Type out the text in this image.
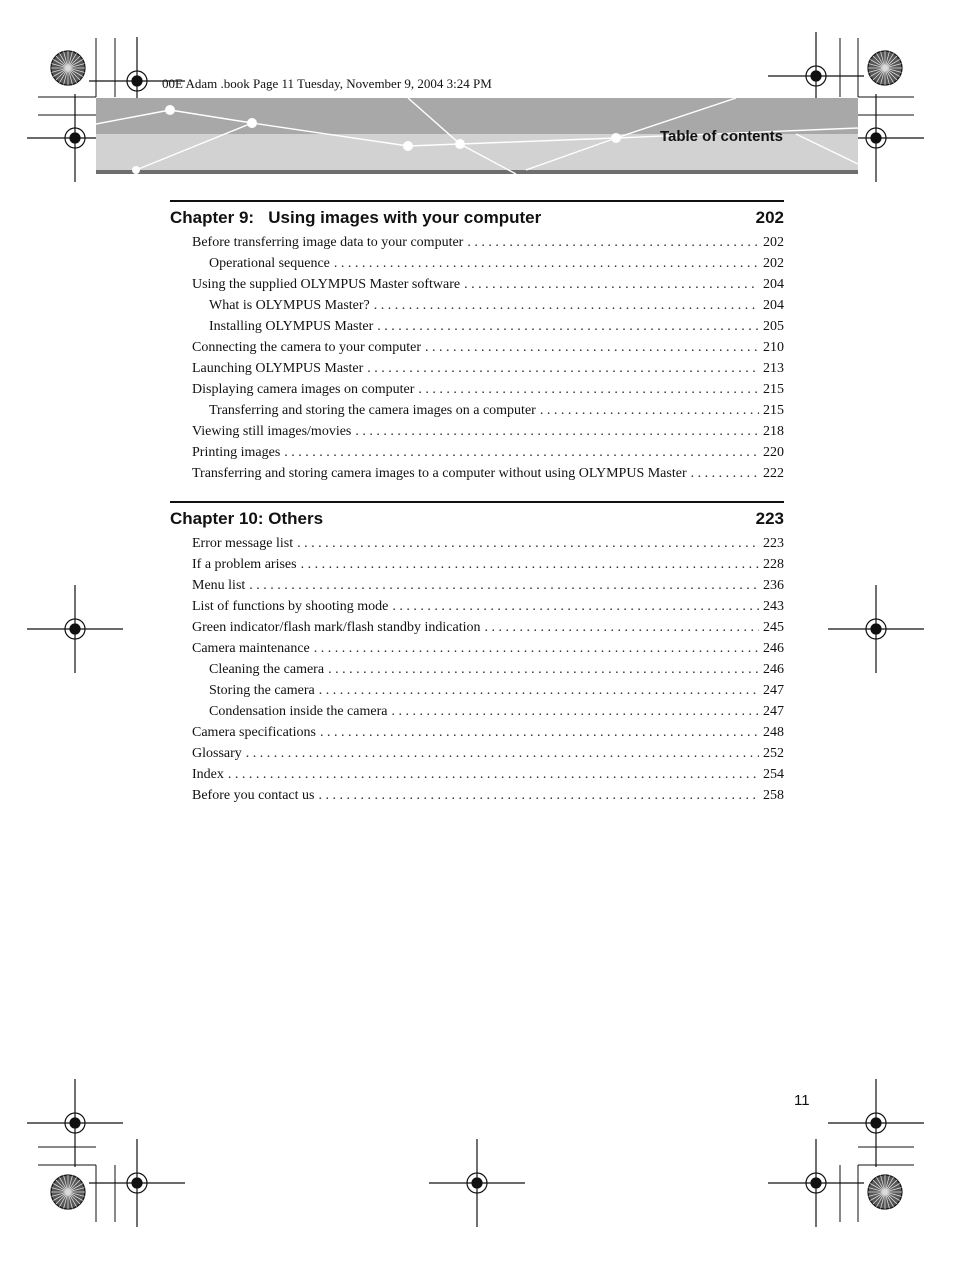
00E Adam .book Page 11 Tuesday, November 9, 2004 3:24 PM
Table of contents
Chapter 9:   Using images with your computer	202
Before transferring image data to your computer . . .	202
Operational sequence . . .	202
Using the supplied OLYMPUS Master software . . .	204
What is OLYMPUS Master? . . .	204
Installing OLYMPUS Master . . .	205
Connecting the camera to your computer . . .	210
Launching OLYMPUS Master . . .	213
Displaying camera images on computer . . .	215
Transferring and storing the camera images on a computer . . .	215
Viewing still images/movies . . .	218
Printing images . . .	220
Transferring and storing camera images to a computer without using OLYMPUS Master . . .	222
Chapter 10: Others	223
Error message list . . .	223
If a problem arises . . .	228
Menu list . . .	236
List of functions by shooting mode . . .	243
Green indicator/flash mark/flash standby indication . . .	245
Camera maintenance . . .	246
Cleaning the camera . . .	246
Storing the camera . . .	247
Condensation inside the camera . . .	247
Camera specifications . . .	248
Glossary . . .	252
Index . . .	254
Before you contact us . . .	258
11
